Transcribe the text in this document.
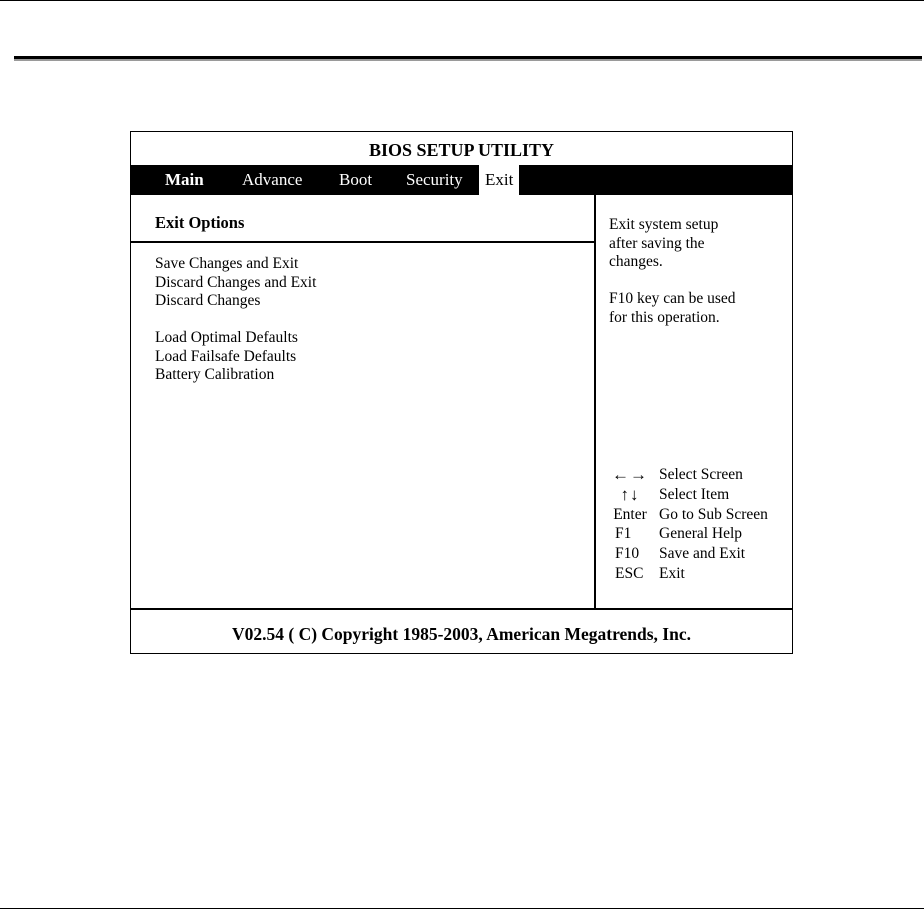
BIOS SETUP UTILITY
Main Advance Boot Security	Exit
Exit Options
Save Changes and Exit
Discard Changes and Exit
Discard Changes
Load Optimal Defaults
Load Failsafe Defaults
Battery Calibration

Exit system setup

after saving the

changes.

F10 key can be used

for this operation.

←→ Select Screen
↑↓	Select Item
Enter Go to Sub Screen
F1	General Help
F10	Save and Exit
ESC	Exit
V02.54 ( C) Copyright 1985-2003, American Megatrends, Inc.
